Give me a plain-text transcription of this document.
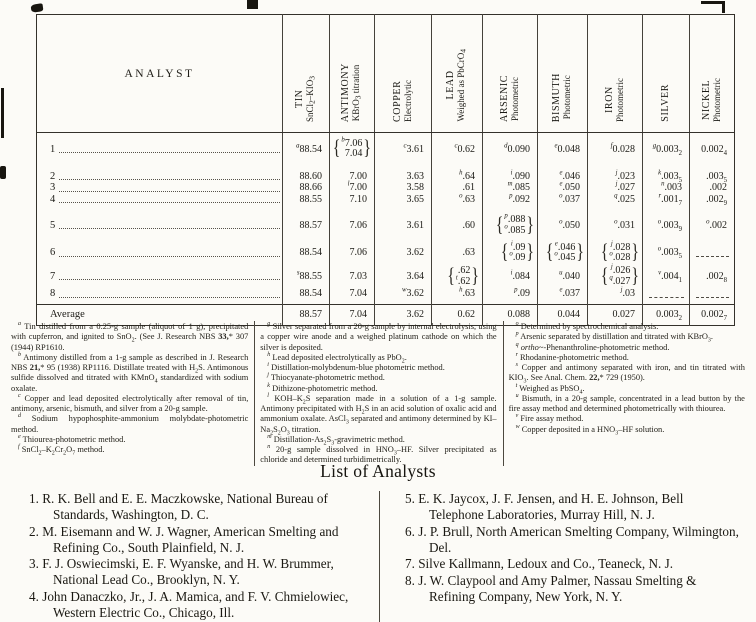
ANALYST	TIN
$SnCl_2-KIO_3$	ANTIMONY KBrO$_3$ titration	COPPER Electrolytic	LEAD Weighed as PbCrO$_4$	ARSENIC Photometric	BISMUTH Photometric	IRON Photometric	SILVER	NICKEL Photometric

1	$^a$88.54	{ $^b$7.06
7.04 }	$^c$3.61	$^c$0.62	$^d$0.090	$^e$0.048	$^f$0.028	$^g0.003_2$	$0.002_4$

2	88.60	7.00	3.63	$^h$.64	$^i$.090	$^e$.046	$^j$.023	$^k.003_5$	$.003_5$

3	88.66	$^l$7.00	3.58	.61	$^m$.085	$^e$.050	$^j$.027	$^n$.003	.002

4	88.55	7.10	3.65	$^o$.63	$^p$.092	$^o$.037	$^q$.025	$^r.001_7$	$.002_9$

5	88.57	7.06	3.61	.60	{ $^p$.088
$^o$.085 }	$^o$.050	$^o$.031	$^o.003_9$	$^o$.002

6	88.54	7.06	3.62	.63	{ $^i$.09
$^o$.09 }	{ $^e$.046
$^o$.045 }	{ $^j$.028
$^o$.028 }	$^o.003_5$

7	$^s$88.55	7.03	3.64	{ .62
$^t$.62 }	$^i$.084	$^u$.040	{ $^j$.026
$^q$.027 }	$^v.004_1$	$.002_8$

8	88.54	7.04	$^w$3.62	$^h$.63	$^p$.09	$^e$.037	$^j$.03		

Average	88.57	7.04	3.62	0.62	0.088	0.044	0.027	$0.003_2$	$0.002_7$

$^a$ Tin distilled from a 0.25-g sample (aliquot of 1 g), precipitated with cupferron, and ignited to SnO$_2$. (See J. Research NBS 33,* 307 (1944) RP1610.

$^b$ Antimony distilled from a 1-g sample as described in J. Research NBS 21,* 95 (1938) RP1116. Distillate treated with $H_2S$. Antimonous sulfide dissolved and titrated with KMnO$_4$ standardized with sodium oxalate.

$^c$ Copper and lead deposited electrolytically after removal of tin, antimony, arsenic, bismuth, and silver from a 20-g sample.

$^d$ Sodium hypophosphite-ammonium molybdate-photometric method.

$^e$ Thiourea-photometric method.

$^f$ $SnCl_2-K_2Cr_2O_7$ method.

$^g$ Silver separated from a 20-g sample by internal electrolysis, using a copper wire anode and a weighed platinum cathode on which the silver is deposited.

$^h$ Lead deposited electrolytically as PbO$_2$.

$^i$ Distillation-molybdenum-blue photometric method.

$^j$ Thiocyanate-photometric method.

$^k$ Dithizone-photometric method.

$^l$ KOH–$K_2S$ separation made in a solution of a 1-g sample. Antimony precipitated with $H_2S$ in an acid solution of oxalic acid and ammonium oxalate. AsCl$_3$ separated and antimony determined by $KI-Na_2S_2O_3$ titration.

$^m$ Distillation-$As_2S_3$-gravimetric method.

$^n$ 20-g sample dissolved in $HNO_3-HF$. Silver precipitated as chloride and determined turbidimetrically.

$^o$ Determined by spectrochemical analysis.

$^p$ Arsenic separated by distillation and titrated with KBrO$_3$.

$^q$ ortho~-Phenanthroline-photometric method.

$^r$ Rhodanine-photometric method.

$^s$ Copper and antimony separated with iron, and tin titrated with $KIO_3$. See Anal. Chem. 22,* 729 (1950).

$^t$ Weighed as PbSO$_4$.

$^u$ Bismuth, in a 20-g sample, concentrated in a lead button by the fire assay method and determined photometrically with thiourea.

$^v$ Fire assay method.

$^w$ Copper deposited in a $HNO_3-HF$ solution.

List of Analysts

1. R. K. Bell and E. E. Maczkowske, National Bureau of Standards, Washington, D. C.

2. M. Eisemann and W. J. Wagner, American Smelting and Refining Co., South Plainfield, N. J.

3. F. J. Oswiecimski, E. F. Wyanske, and H. W. Brummer, National Lead Co., Brooklyn, N. Y.

4. John Danaczko, Jr., J. A. Mamica, and F. V. Chmielowiec, Western Electric Co., Chicago, Ill.

5. E. K. Jaycox, J. F. Jensen, and H. E. Johnson, Bell Telephone Laboratories, Murray Hill, N. J.

6. J. P. Brull, North American Smelting Company, Wilmington, Del.

7. Silve Kallmann, Ledoux and Co., Teaneck, N. J.

8. J. W. Claypool and Amy Palmer, Nassau Smelting & Refining Company, New York, N. Y.
